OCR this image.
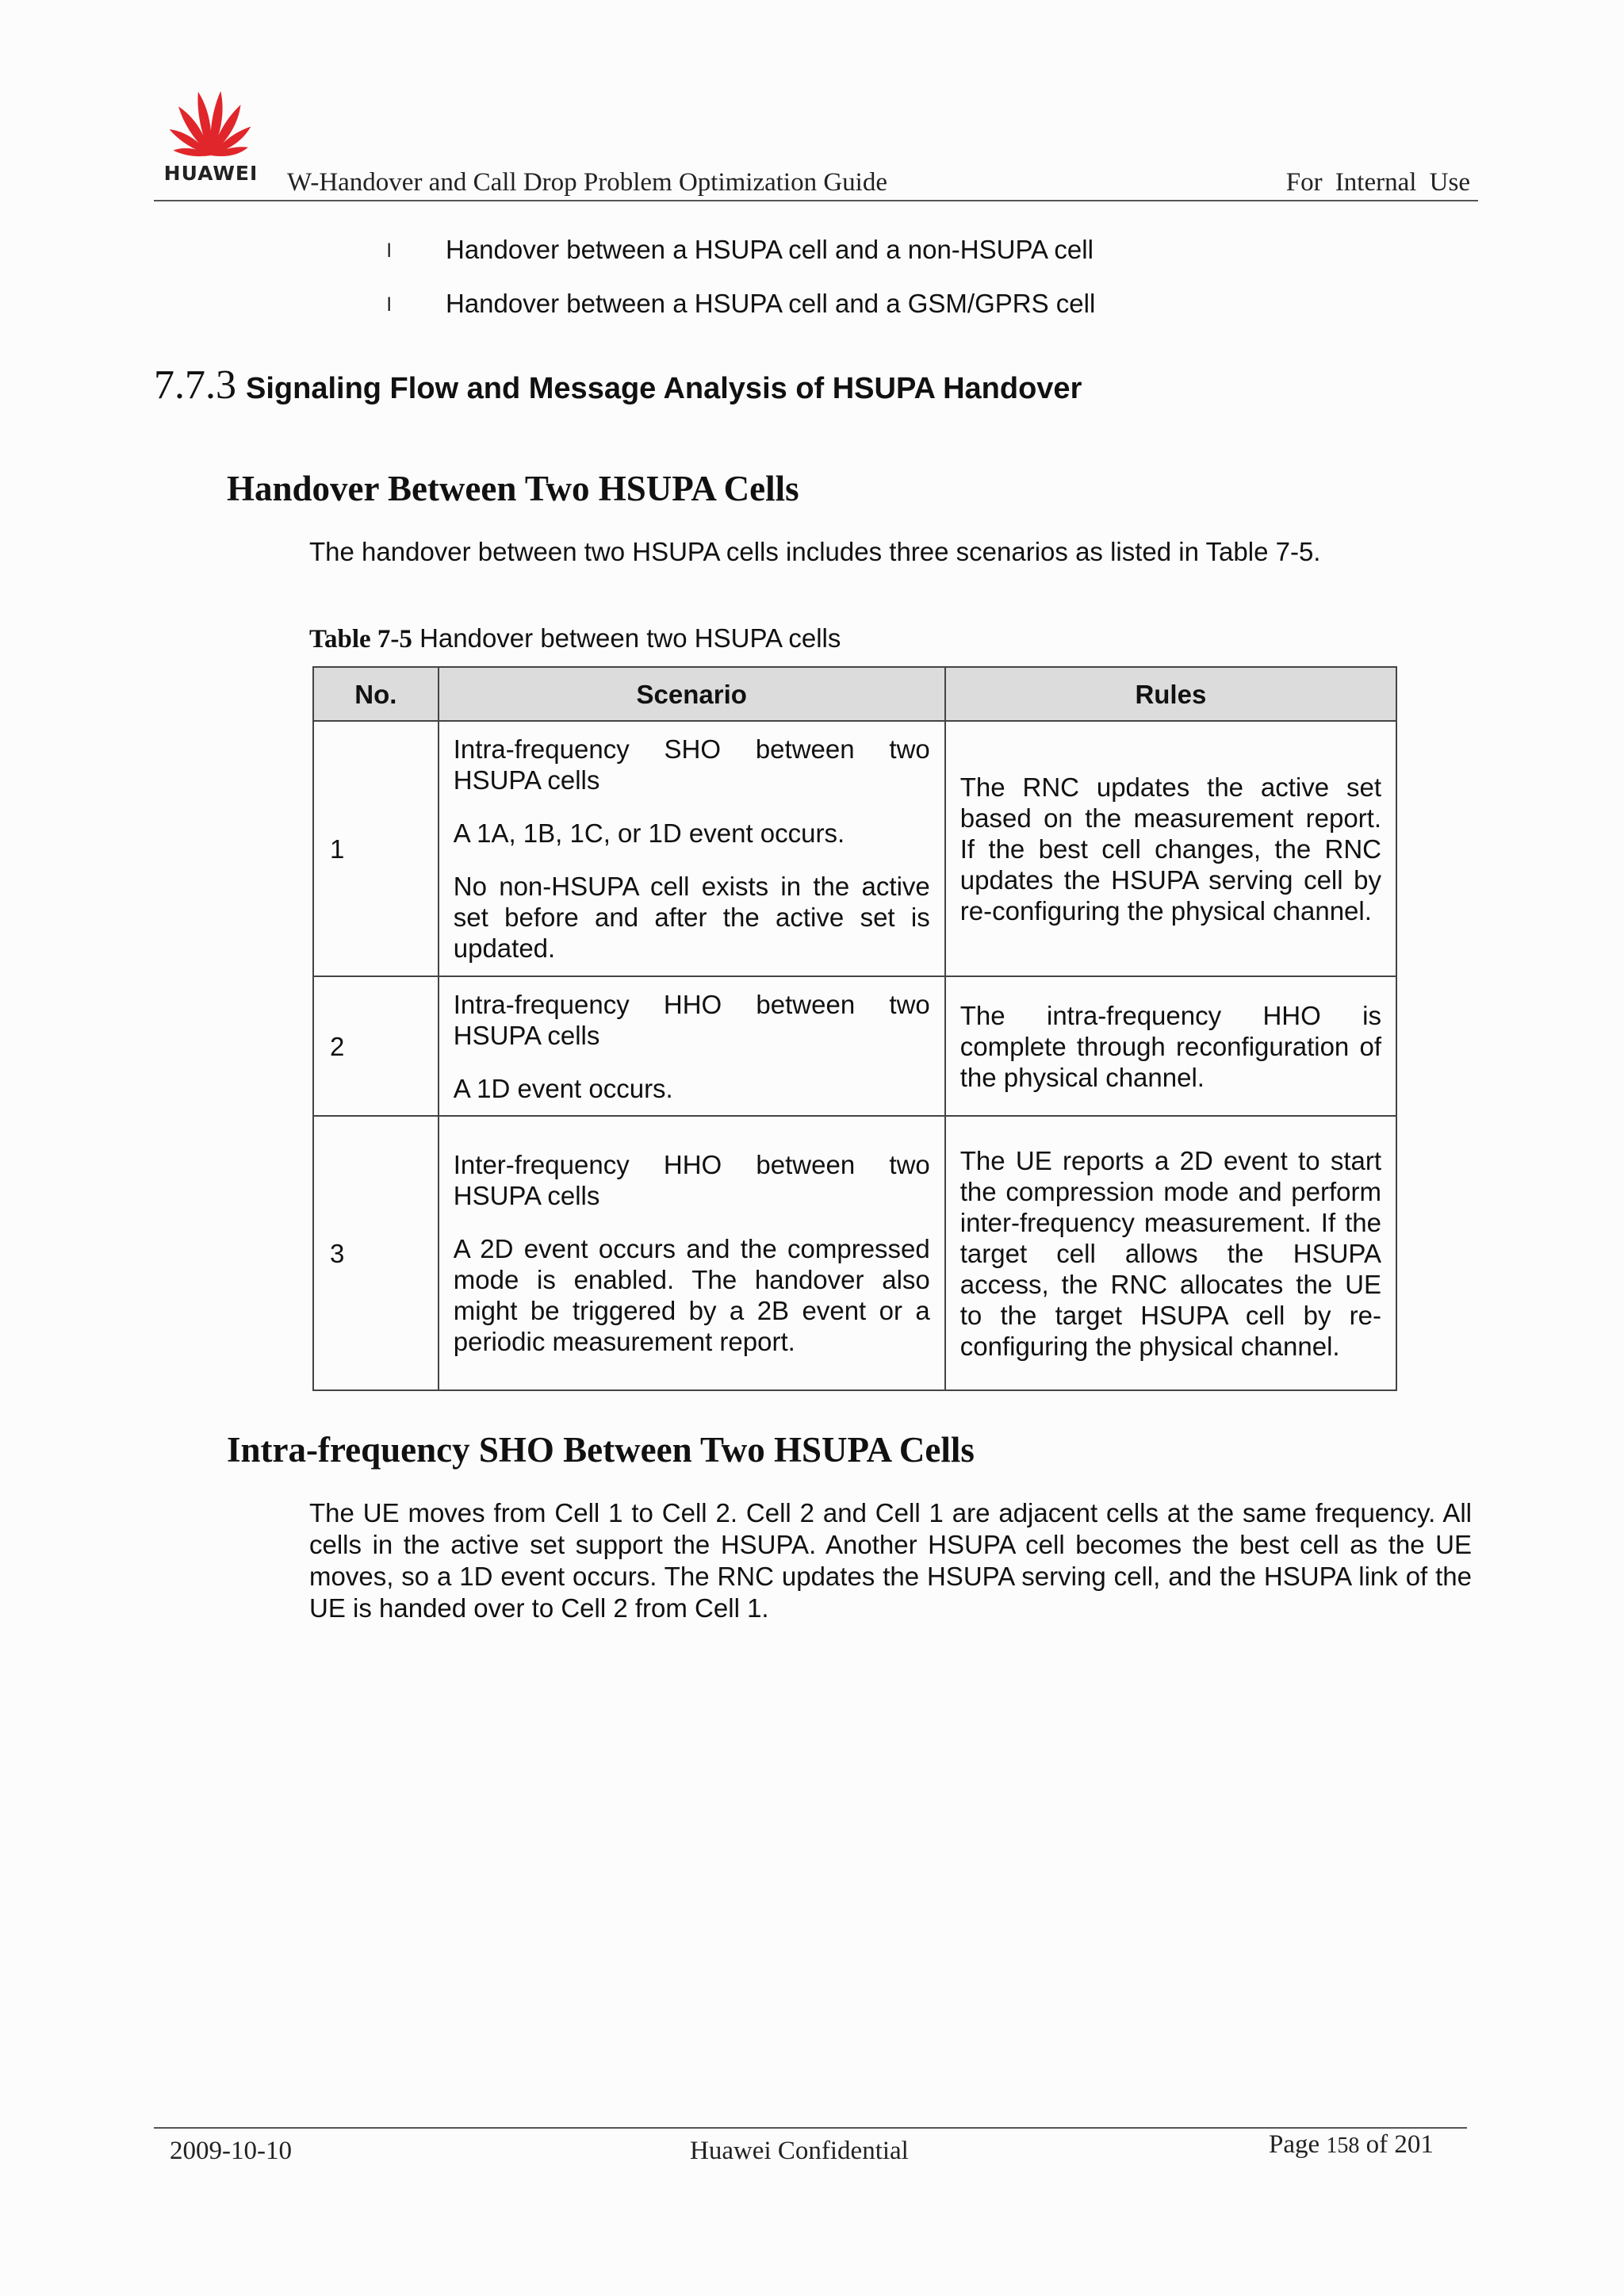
HUAWEI W-Handover and Call Drop Problem Optimization Guide	For Internal Use
l Handover between a HSUPA cell and a non-HSUPA cell
l Handover between a HSUPA cell and a GSM/GPRS cell
7.7.3 Signaling Flow and Message Analysis of HSUPA Handover
Handover Between Two HSUPA Cells
The handover between two HSUPA cells includes three scenarios as listed in Table 7-5.
Table 7-5 Handover between two HSUPA cells
No.	Scenario	Rules
1	Intra-frequency SHO between two HSUPA cells

A 1A, 1B, 1C, or 1D event occurs.

No non-HSUPA cell exists in the active set before and after the active set is updated.	The RNC updates the active set based on the measurement report. If the best cell changes, the RNC updates the HSUPA serving cell by re-configuring the physical channel.
2	Intra-frequency HHO between two HSUPA cells

A 1D event occurs.	The intra-frequency HHO is complete through reconfiguration of the physical channel.
3	Inter-frequency HHO between two HSUPA cells

A 2D event occurs and the compressed mode is enabled. The handover also might be triggered by a 2B event or a periodic measurement report.	The UE reports a 2D event to start the compression mode and perform inter-frequency measurement. If the target cell allows the HSUPA access, the RNC allocates the UE to the target HSUPA cell by re-configuring the physical channel.
Intra-frequency SHO Between Two HSUPA Cells
The UE moves from Cell 1 to Cell 2. Cell 2 and Cell 1 are adjacent cells at the same frequency. All cells in the active set support the HSUPA. Another HSUPA cell becomes the best cell as the UE moves, so a 1D event occurs. The RNC updates the HSUPA serving cell, and the HSUPA link of the UE is handed over to Cell 2 from Cell 1.
2009-10-10	Huawei Confidential	Page 158 of 201
